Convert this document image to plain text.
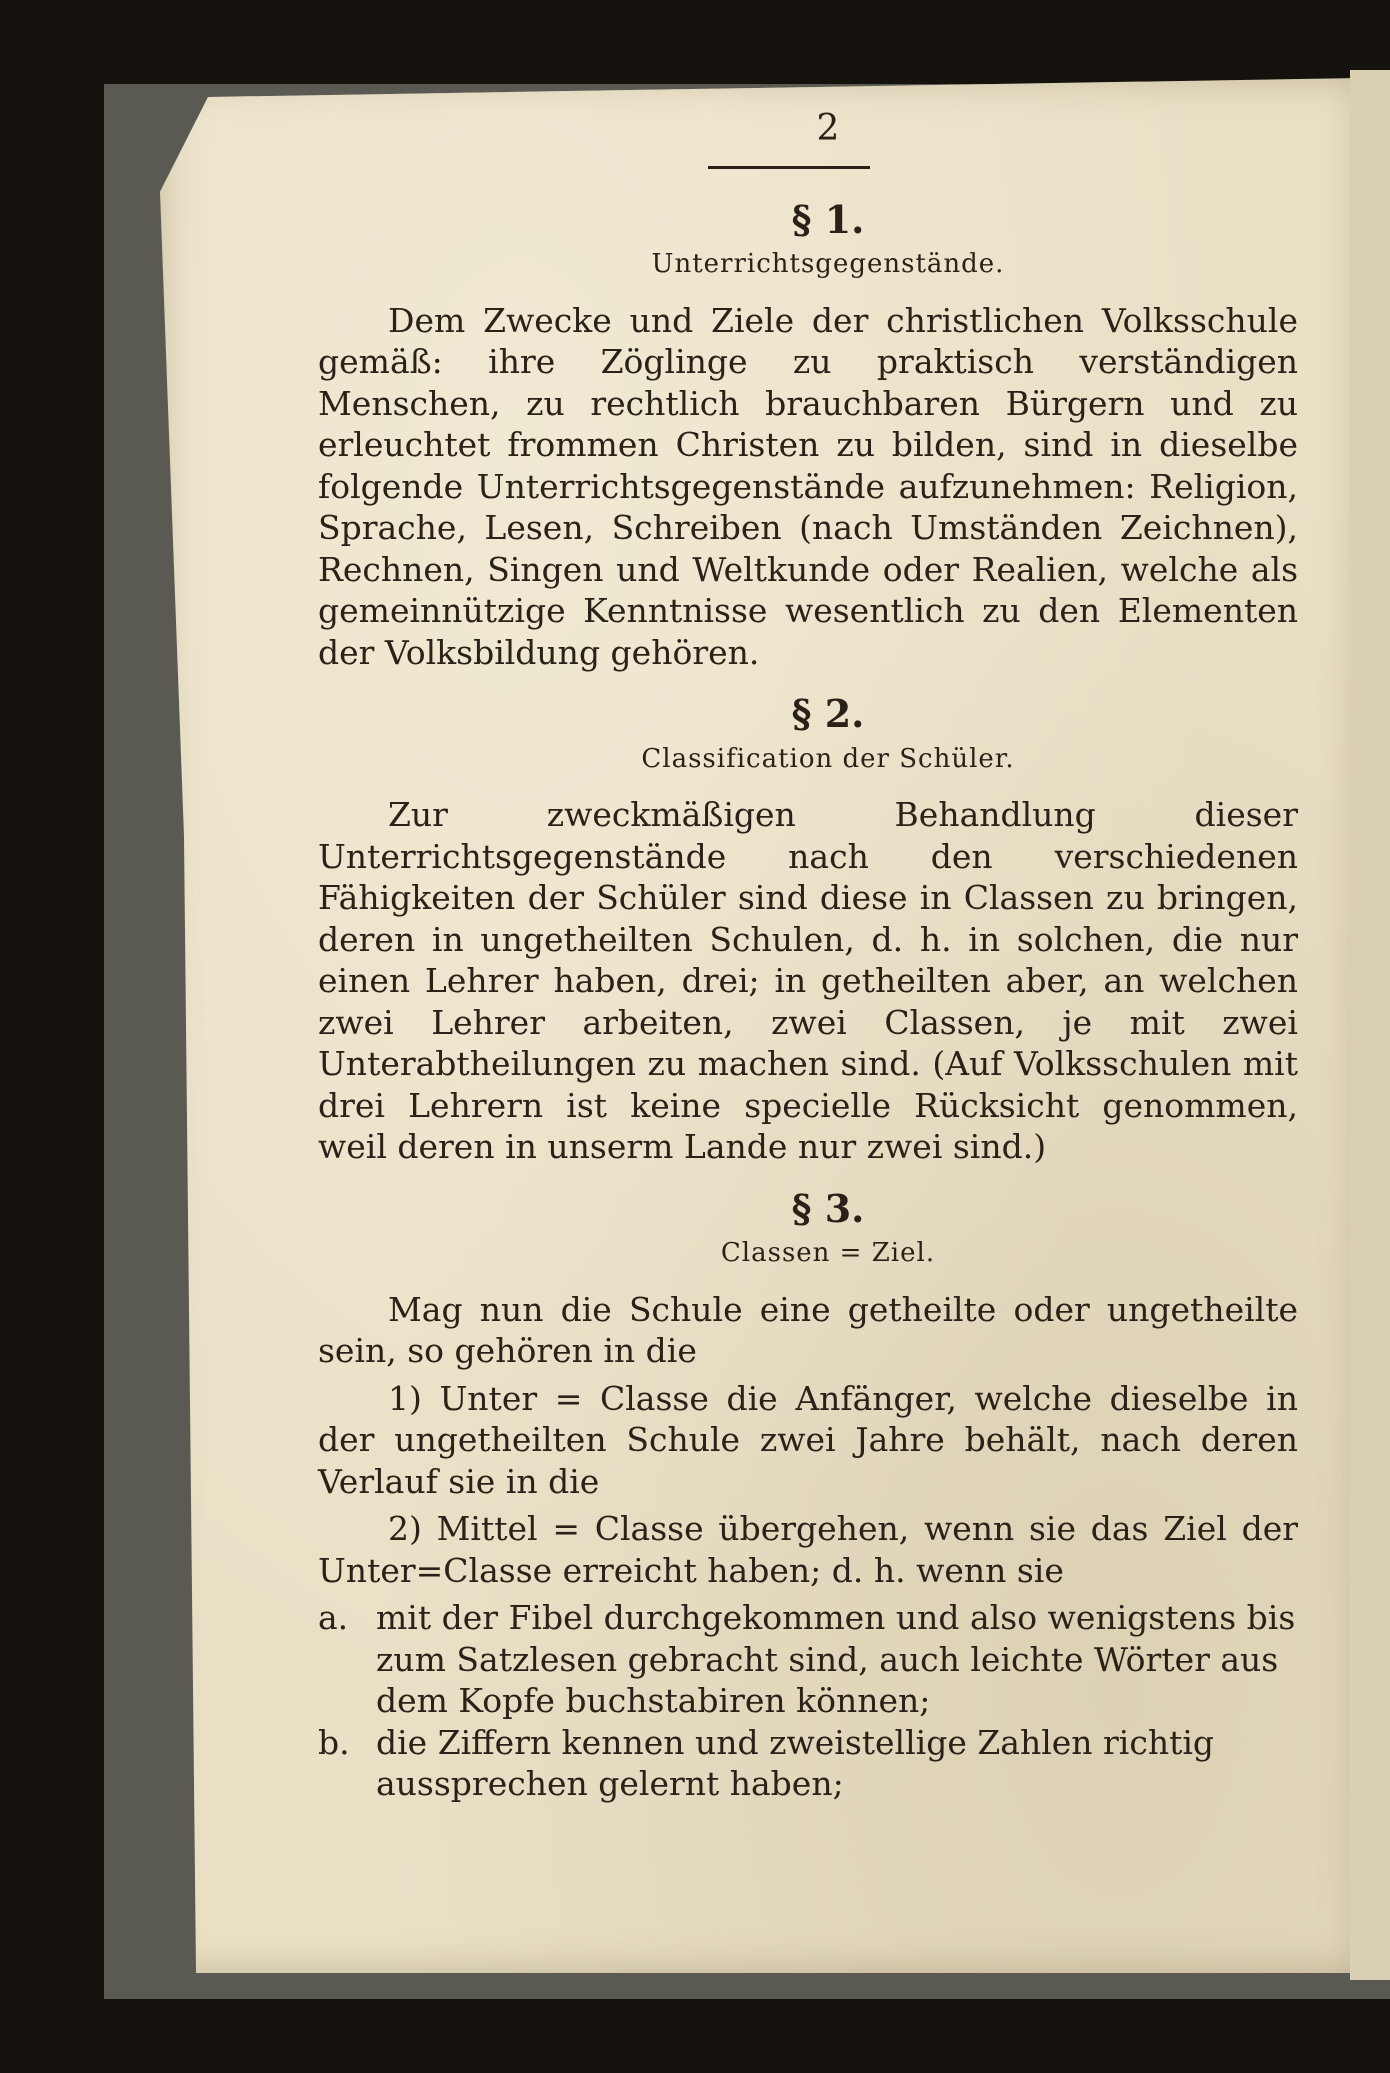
2
§ 1.
Unterrichtsgegenstände.

Dem Zwecke und Ziele der christlichen Volksschule gemäß: ihre Zöglinge zu praktisch verständigen Menschen, zu rechtlich brauchbaren Bürgern und zu erleuchtet frommen Christen zu bilden, sind in dieselbe folgende Unterrichtsgegenstände aufzunehmen: Religion, Sprache, Lesen, Schreiben (nach Umständen Zeichnen), Rechnen, Singen und Weltkunde oder Realien, welche als gemeinnützige Kenntnisse wesentlich zu den Elementen der Volksbildung gehören.

§ 2.
Classification der Schüler.

Zur zweckmäßigen Behandlung dieser Unterrichtsgegenstände nach den verschiedenen Fähigkeiten der Schüler sind diese in Classen zu bringen, deren in ungetheilten Schulen, d. h. in solchen, die nur einen Lehrer haben, drei; in getheilten aber, an welchen zwei Lehrer arbeiten, zwei Classen, je mit zwei Unterabtheilungen zu machen sind. (Auf Volksschulen mit drei Lehrern ist keine specielle Rücksicht genommen, weil deren in unserm Lande nur zwei sind.)

§ 3.
Classen = Ziel.

Mag nun die Schule eine getheilte oder ungetheilte sein, so gehören in die

1) Unter = Classe die Anfänger, welche dieselbe in der ungetheilten Schule zwei Jahre behält, nach deren Verlauf sie in die

2) Mittel = Classe übergehen, wenn sie das Ziel der Unter=Classe erreicht haben; d. h. wenn sie

a. mit der Fibel durchgekommen und also wenigstens bis zum Satzlesen gebracht sind, auch leichte Wörter aus dem Kopfe buchstabiren können;
b. die Ziffern kennen und zweistellige Zahlen richtig aussprechen gelernt haben;
